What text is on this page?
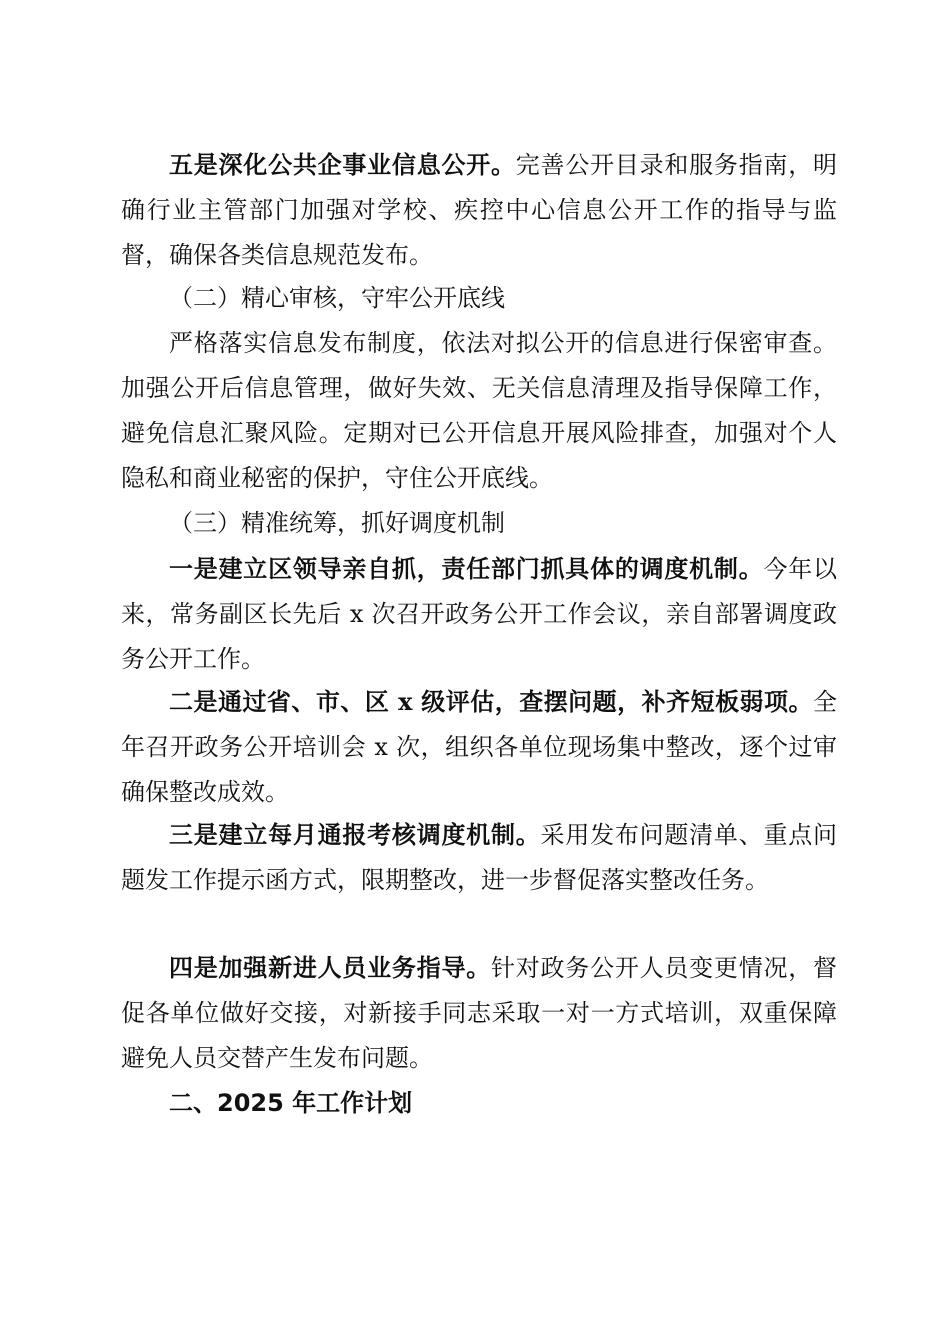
五是深化公共企事业信息公开。完善公开目录和服务指南，明确行业主管部门加强对学校、疾控中心信息公开工作的指导与监督，确保各类信息规范发布。

（二）精心审核，守牢公开底线

严格落实信息发布制度，依法对拟公开的信息进行保密审查。加强公开后信息管理，做好失效、无关信息清理及指导保障工作，避免信息汇聚风险。定期对已公开信息开展风险排查，加强对个人隐私和商业秘密的保护，守住公开底线。

（三）精准统筹，抓好调度机制

一是建立区领导亲自抓，责任部门抓具体的调度机制。今年以来，常务副区长先后 x 次召开政务公开工作会议，亲自部署调度政务公开工作。

二是通过省、市、区 x 级评估，查摆问题，补齐短板弱项。全年召开政务公开培训会 x 次，组织各单位现场集中整改，逐个过审确保整改成效。

三是建立每月通报考核调度机制。采用发布问题清单、重点问题发工作提示函方式，限期整改，进一步督促落实整改任务。

四是加强新进人员业务指导。针对政务公开人员变更情况，督促各单位做好交接，对新接手同志采取一对一方式培训，双重保障避免人员交替产生发布问题。

二、2025 年工作计划
